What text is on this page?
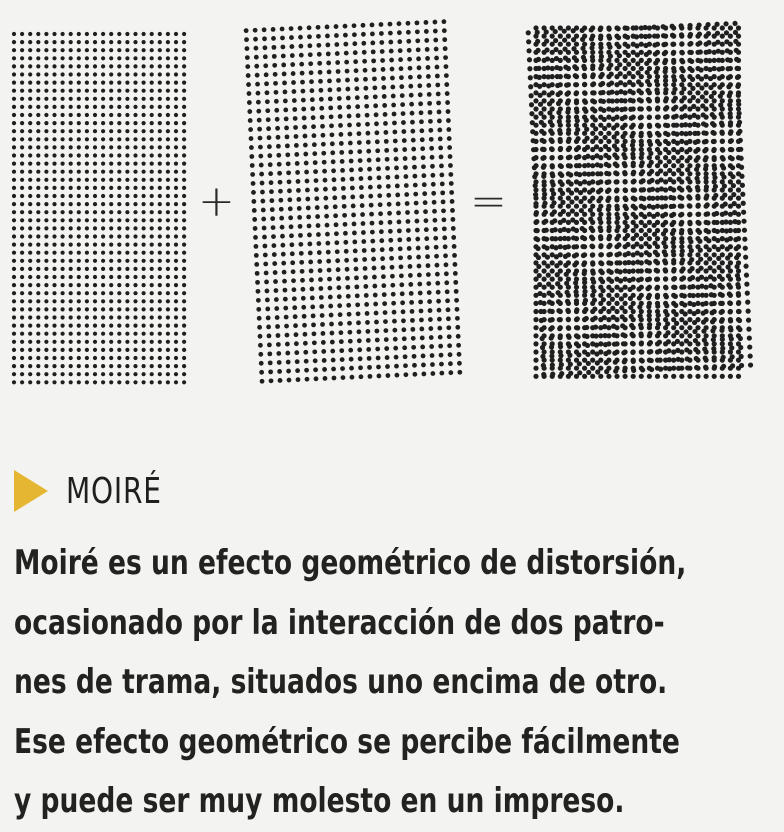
+	=
MOIRÉ
Moiré es un efecto geométrico de distorsión,
ocasionado por la interacción de dos patro-
nes de trama, situados uno encima de otro.
Ese efecto geométrico se percibe fácilmente
y puede ser muy molesto en un impreso.
